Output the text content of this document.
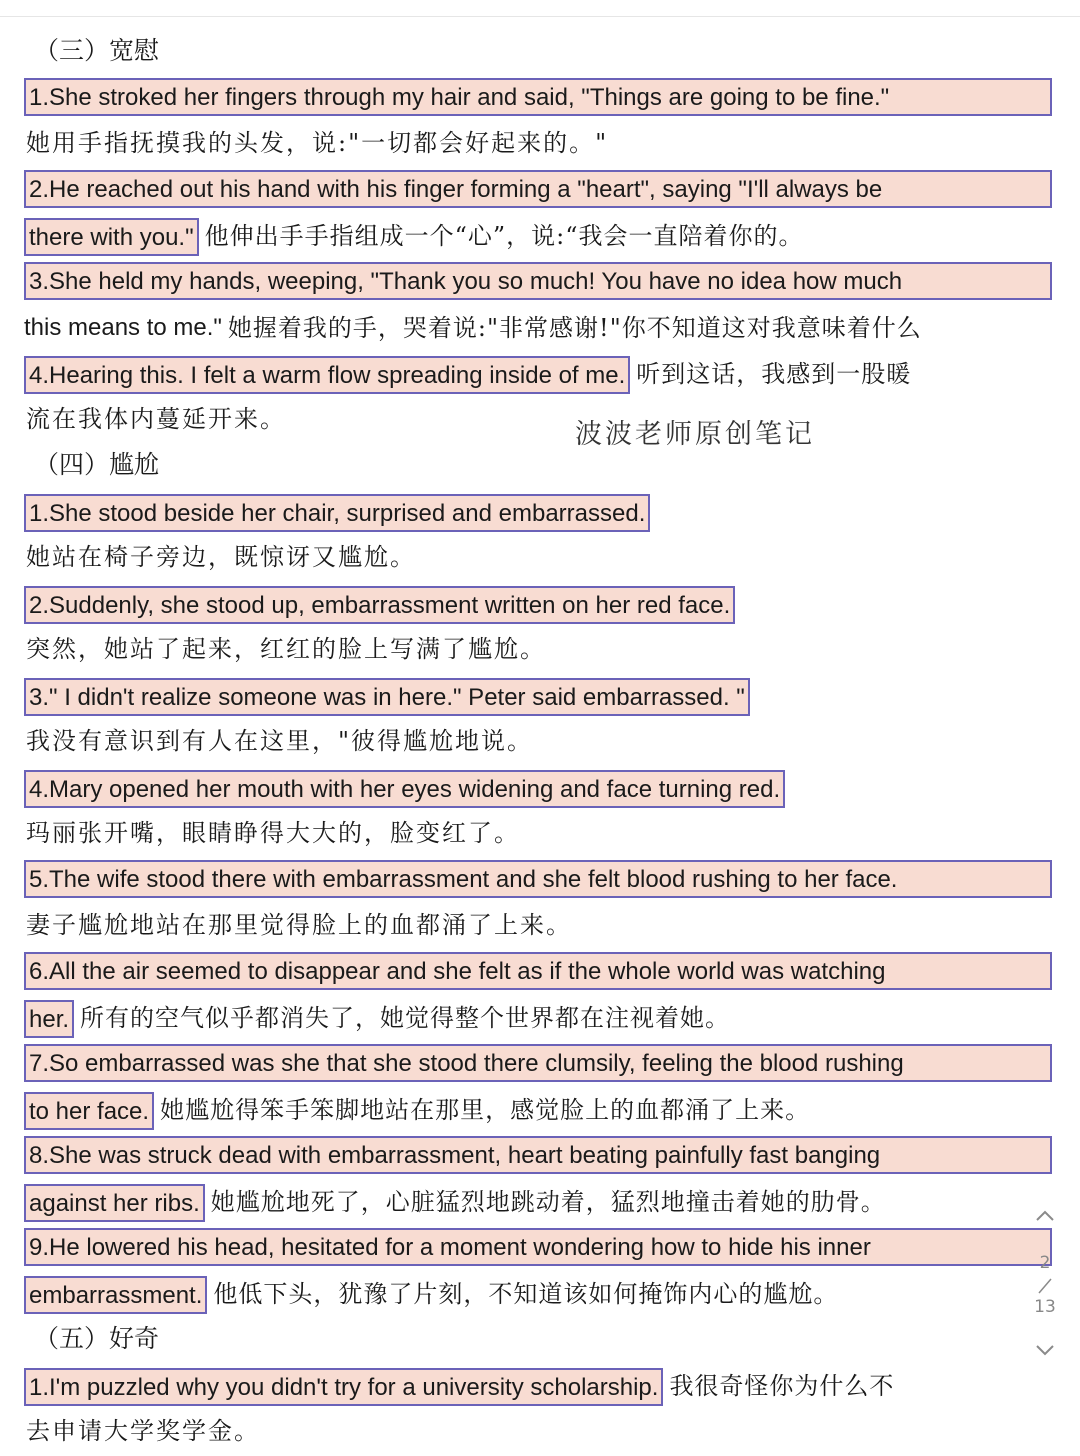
（三）宽慰
1.She stroked her fingers through my hair and said, "Things are going to be fine."
她用手指抚摸我的头发，说:"一切都会好起来的。"
2.He reached out his hand with his finger forming a "heart", saying "I'll always be
there with you." 他伸出手手指组成一个“心”，说:“我会一直陪着你的。
3.She held my hands, weeping, "Thank you so much! You have no idea how much
this means to me." 她握着我的手，哭着说:"非常感谢!"你不知道这对我意味着什么
4.Hearing this. I felt a warm flow spreading inside of me. 听到这话，我感到一股暖
流在我体内蔓延开来。
（四）尴尬
1.She stood beside her chair, surprised and embarrassed.
她站在椅子旁边，既惊讶又尴尬。
2.Suddenly, she stood up, embarrassment written on her red face.
突然，她站了起来，红红的脸上写满了尴尬。
3." I didn't realize someone was in here." Peter said embarrassed. "
我没有意识到有人在这里，"彼得尴尬地说。
4.Mary opened her mouth with her eyes widening and face turning red.
玛丽张开嘴，眼睛睁得大大的，脸变红了。
5.The wife stood there with embarrassment and she felt blood rushing to her face.
妻子尴尬地站在那里觉得脸上的血都涌了上来。
6.All the air seemed to disappear and she felt as if the whole world was watching
her. 所有的空气似乎都消失了，她觉得整个世界都在注视着她。
7.So embarrassed was she that she stood there clumsily, feeling the blood rushing
to her face. 她尴尬得笨手笨脚地站在那里，感觉脸上的血都涌了上来。
8.She was struck dead with embarrassment, heart beating painfully fast banging
against her ribs. 她尴尬地死了，心脏猛烈地跳动着，猛烈地撞击着她的肋骨。
9.He lowered his head, hesitated for a moment wondering how to hide his inner
embarrassment. 他低下头，犹豫了片刻，不知道该如何掩饰内心的尴尬。
（五）好奇
1.I'm puzzled why you didn't try for a university scholarship. 我很奇怪你为什么不
去申请大学奖学金。
波波老师原创笔记
2
13
